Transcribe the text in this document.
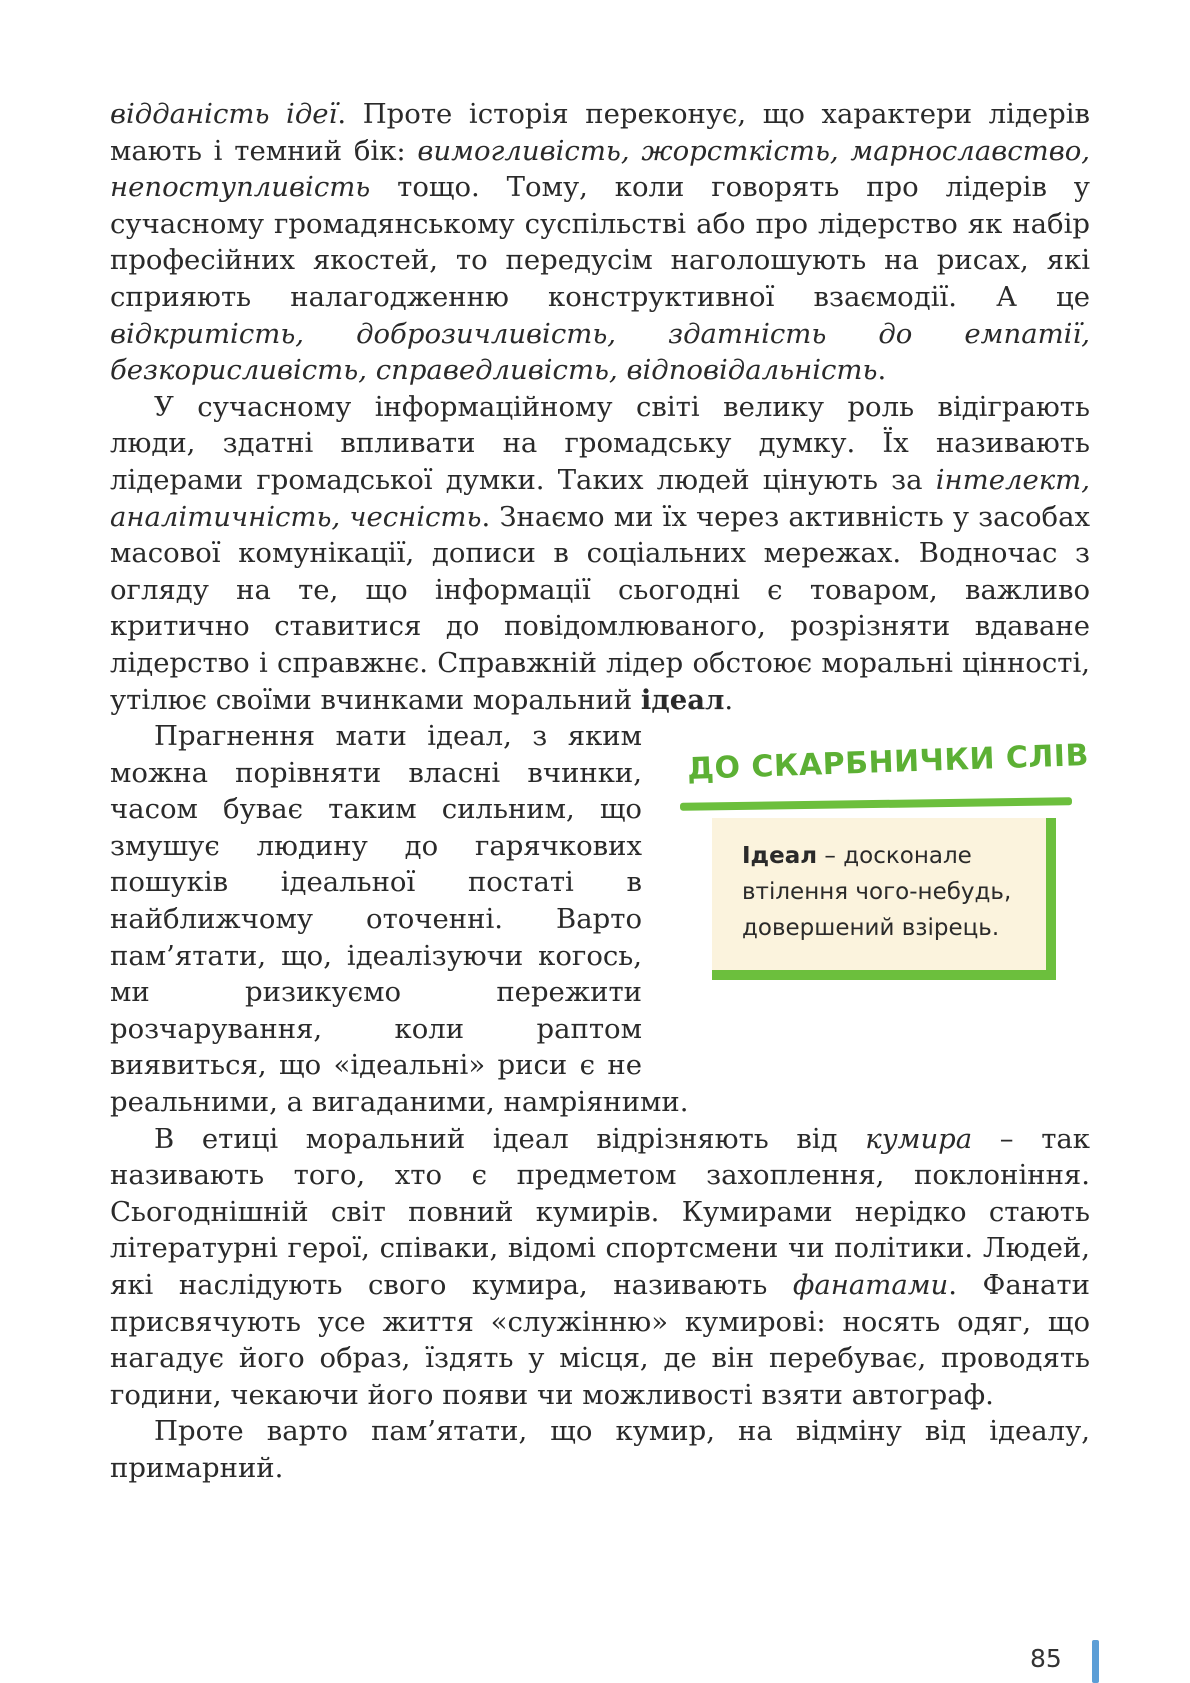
відданість ідеї. Проте історія переконує, що характери лідерів мають і темний бік: вимогливість, жорсткість, марнославство, непоступливість тощо. Тому, коли говорять про лідерів у сучасному громадянському суспільстві або про лідерство як набір професійних якостей, то передусім наголошують на рисах, які сприяють налагодженню конструктивної взаємодії. А це відкритість, доброзичливість, здатність до емпатії, безкорисливість, справедливість, відповідальність.

У сучасному інформаційному світі велику роль відіграють люди, здатні впливати на громадську думку. Їх називають лідерами громадської думки. Таких людей цінують за інтелект, аналітичність, чесність. Знаємо ми їх через активність у засобах масової комунікації, дописи в соціальних мережах. Водночас з огляду на те, що інформації сьогодні є товаром, важливо критично ставитися до повідомлюваного, розрізняти вдаване лідерство і справжнє. Справжній лідер обстоює моральні цінності, утілює своїми вчинками моральний ідеал.

ДО СКАРБНИЧКИ СЛІВ
Ідеал – досконале втілення чого-небудь, довершений взірець.

Прагнення мати ідеал, з яким можна порівняти власні вчинки, часом буває таким сильним, що змушує людину до гарячкових пошуків ідеальної постаті в найближчому оточенні. Варто пам’ятати, що, ідеалізуючи когось, ми ризикуємо пережити розчарування, коли раптом виявиться, що «ідеальні» риси є не реальними, а вигаданими, намріяними.

В етиці моральний ідеал відрізняють від кумира – так називають того, хто є предметом захоплення, поклоніння. Сьогоднішній світ повний кумирів. Кумирами нерідко стають літературні герої, співаки, відомі спортсмени чи політики. Людей, які наслідують свого кумира, називають фанатами. Фанати присвячують усе життя «служінню» кумирові: носять одяг, що нагадує його образ, їздять у місця, де він перебуває, проводять години, чекаючи його появи чи можливості взяти автограф.

Проте варто пам’ятати, що кумир, на відміну від ідеалу, примарний.

85
